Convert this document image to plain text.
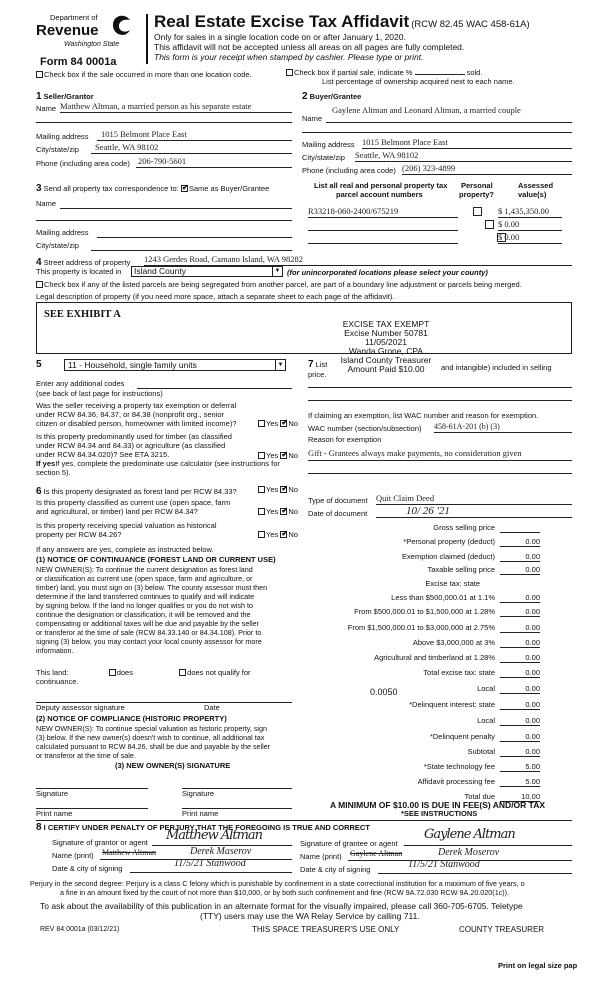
Department of
Revenue
Washington State
Form 84 0001a
Real Estate Excise Tax Affidavit (RCW 82.45 WAC 458-61A)
Only for sales in a single location code on or after January 1, 2020.
This affidavit will not be accepted unless all areas on all pages are fully completed.
This form is your receipt when stamped by cashier. Please type or print.
Check box if the sale occurred in more than one location code.	Check box if partial sale, indicate %	sold.
List percentage of ownership acquired next to each name.
1 Seller/Grantor
Name Matthew Altman, a married person as his separate estate
Mailing address	1015 Belmont Place East
City/state/zip	Seattle, WA 98102
Phone (including area code) 206-790-5601
2 Buyer/Grantee
Name
Gaylene Altman and Leonard Altman, a married couple
Mailing address 1015 Belmont Place East
City/state/zip Seattle, WA 98102
Phone (including area code) (206) 323-4899
3 Send all property tax correspondence to: ✔ Same as Buyer/Grantee
Name
Mailing address
City/state/zip
List all real and personal property tax
parcel account numbers
Personal
property?
Assessed
value(s)
R33218-060-2400/675219
	$ 1,435,350.00

$ 0.00
$ 0.00
4 Street address of property 1243 Gerdes Road, Camano Island, WA 98282
This property is located in	Island County	▼ (for unincorporated locations please select your county)
Check box if any of the listed parcels are being segregated from another parcel, are part of a boundary line adjustment or parcels being merged.
Legal description of property (if you need more space, attach a separate sheet to each page of the affidavit).
SEE EXHIBIT A
EXCISE TAX EXEMPT
Excise Number 50781
11/05/2021
Wanda Grone, CPA
Island County Treasurer
Amount Paid $10.00
5	11 - Household, single family units	▼
Enter any additional codes
(see back of last page for instructions)
Was the seller receiving a property tax exemption or deferral
under RCW 84.36, 84.37, or 84.38 (nonprofit org., senior
citizen or disabled person, homeowner with limited income)?	Yes ✔ No
Is this property predominantly used for timber (as classified
under RCW 84.34 and 84.33) or agriculture (as classified
under RCW 84.34.020)? See ETA 3215.	Yes ✔ No
If yesIf yes, complete the predominate use calculator (see instructions for
section 5).
7 List	and intangible) included in selling
price.
If claiming an exemption, list WAC number and reason for exemption.
WAC number (section/subsection) 458-61A-201 (b) (3)
Reason for exemption
Gift - Grantees always make payments, no consideration given
6 Is this property designated as forest land per RCW 84.33?	Yes ✔ No
Is this property classified as current use (open space, farm
and agricultural, or timber) land per RCW 84.34?	Yes ✔ No
Is this property receiving special valuation as historical
property per RCW 84.26?	Yes ✔ No
If any answers are yes, complete as instructed below.
(1) NOTICE OF CONTINUANCE (FOREST LAND OR CURRENT USE)
NEW OWNER(S): To continue the current designation as forest land
or classification as current use (open space, farm and agriculture, or
timber) land, you must sign on (3) below. The county assessor must then
determine if the land transferred continues to qualify and will indicate
by signing below. If the land no longer qualifies or you do not wish to
continue the designation or classification, it will be removed and the
compensating or additional taxes will be due and payable by the seller
or transferor at the time of sale (RCW 84.33.140 or 84.34.108). Prior to
signing (3) below, you may contact your local county assessor for more
information.
This land:	does	does not qualify for
continuance.
Deputy assessor signature	Date
(2) NOTICE OF COMPLIANCE (HISTORIC PROPERTY)
NEW OWNER(S): To continue special valuation as historic property, sign
(3) below. If the new owner(s) doesn't wish to continue, all additional tax
calculated pursuant to RCW 84.26, shall be due and payable by the seller
or transferor at the time of sale.
(3) NEW OWNER(S) SIGNATURE
Signature	Signature
Print name	Print name
Type of document Quit Claim Deed
Date of document	10/ 26 '21
Gross selling price
*Personal property (deduct)	0.00
Exemption claimed (deduct)	0.00
Taxable selling price	0.00
Excise tax: state
Less than $500,000.01 at 1.1%	0.00
From $500,000.01 to $1,500,000 at 1.28%	0.00
From $1,500,000.01 to $3,000,000 at 2.75%	0.00
Above $3,000,000 at 3%	0.00
Agricultural and timberland at 1.28%	0.00
Total excise tax: state	0.00
Local	0.00
*Delinquent interest: state	0.00
Local	0.00
*Delinquent penalty	0.00
Subtotal	0.00
*State technology fee	5.00
Affidavit processing fee	5.00
Total due	10.00
0.0050
A MINIMUM OF $10.00 IS DUE IN FEE(S) AND/OR TAX
*SEE INSTRUCTIONS
8 I CERTIFY UNDER PENALTY OF PERJURY THAT THE FOREGOING IS TRUE AND CORRECT
Signature of grantor or agent Matthew Altman
Name (print) Matthew Altman	Derek Maserov
Date & city of signing	11/5/21 Stanwood
Signature of grantee or agent
Gaylene Altman
Name (print) Gaylene Altman	Derek Moserov
Date & city of signing	11/5/21 Stanwood
Perjury in the second degree: Perjury is a class C felony which is punishable by confinement in a state correctional institution for a maximum of five years, o
a fine in an amount fixed by the court of not more than $10,000, or by both such confinement and fine (RCW 9A.72.030 RCW 9A.20.020(1c)).
To ask about the availability of this publication in an alternate format for the visually impaired, please call 360-705-6705. Teletype
(TTY) users may use the WA Relay Service by calling 711.
REV 84 0001a (03/12/21)	THIS SPACE TREASURER'S USE ONLY	COUNTY TREASURER
Print on legal size pap
